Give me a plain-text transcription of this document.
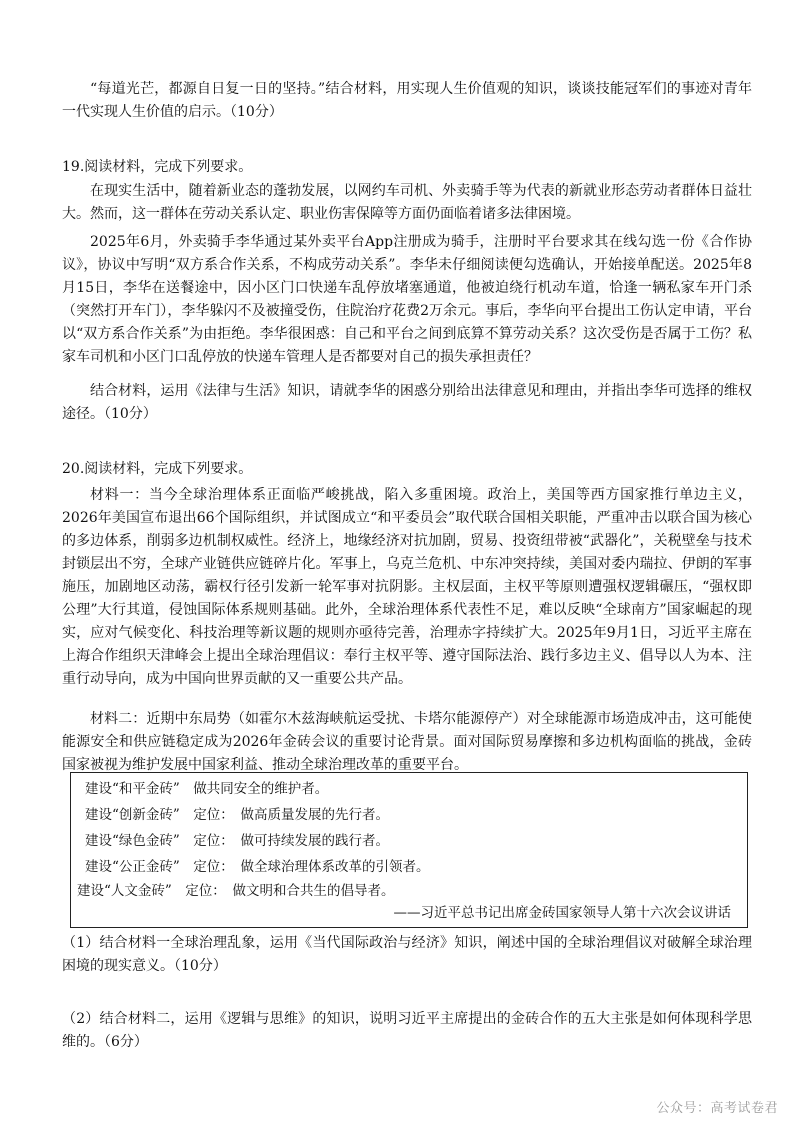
“每道光芒，都源自日复一日的坚持。”结合材料，用实现人生价值观的知识，谈谈技能冠军们的事迹对青年一代实现人生价值的启示。（10分）

19.阅读材料，完成下列要求。

在现实生活中，随着新业态的蓬勃发展，以网约车司机、外卖骑手等为代表的新就业形态劳动者群体日益壮大。然而，这一群体在劳动关系认定、职业伤害保障等方面仍面临着诸多法律困境。

2025年6月，外卖骑手李华通过某外卖平台App注册成为骑手，注册时平台要求其在线勾选一份《合作协议》，协议中写明“双方系合作关系，不构成劳动关系”。李华未仔细阅读便勾选确认，开始接单配送。2025年8月15日，李华在送餐途中，因小区门口快递车乱停放堵塞通道，他被迫绕行机动车道，恰逢一辆私家车开门杀（突然打开车门），李华躲闪不及被撞受伤，住院治疗花费2万余元。事后，李华向平台提出工伤认定申请，平台以“双方系合作关系”为由拒绝。李华很困惑：自己和平台之间到底算不算劳动关系？这次受伤是否属于工伤？私家车司机和小区门口乱停放的快递车管理人是否都要对自己的损失承担责任？

结合材料，运用《法律与生活》知识，请就李华的困惑分别给出法律意见和理由，并指出李华可选择的维权途径。（10分）

20.阅读材料，完成下列要求。

材料一：当今全球治理体系正面临严峻挑战，陷入多重困境。政治上，美国等西方国家推行单边主义，2026年美国宣布退出66个国际组织，并试图成立“和平委员会”取代联合国相关职能，严重冲击以联合国为核心的多边体系，削弱多边机制权威性。经济上，地缘经济对抗加剧，贸易、投资纽带被“武器化”，关税壁垒与技术封锁层出不穷，全球产业链供应链碎片化。军事上，乌克兰危机、中东冲突持续，美国对委内瑞拉、伊朗的军事施压，加剧地区动荡，霸权行径引发新一轮军事对抗阴影。主权层面，主权平等原则遭强权逻辑碾压，“强权即公理”大行其道，侵蚀国际体系规则基础。此外，全球治理体系代表性不足，难以反映“全球南方”国家崛起的现实，应对气候变化、科技治理等新议题的规则亦亟待完善，治理赤字持续扩大。2025年9月1日，习近平主席在上海合作组织天津峰会上提出全球治理倡议：奉行主权平等、遵守国际法治、践行多边主义、倡导以人为本、注重行动导向，成为中国向世界贡献的又一重要公共产品。

材料二：近期中东局势（如霍尔木兹海峡航运受扰、卡塔尔能源停产）对全球能源市场造成冲击，这可能使能源安全和供应链稳定成为2026年金砖会议的重要讨论背景。面对国际贸易摩擦和多边机构面临的挑战，金砖国家被视为维护发展中国家利益、推动全球治理改革的重要平台。

建设“和平金砖”　做共同安全的维护者。
建设“创新金砖”　定位：　做高质量发展的先行者。
建设“绿色金砖”　定位：　做可持续发展的践行者。
建设“公正金砖”　定位：　做全球治理体系改革的引领者。
建设“人文金砖”　定位：　做文明和合共生的倡导者。
——习近平总书记出席金砖国家领导人第十六次会议讲话

（1）结合材料一全球治理乱象，运用《当代国际政治与经济》知识，阐述中国的全球治理倡议对破解全球治理困境的现实意义。（10分）

（2）结合材料二，运用《逻辑与思维》的知识，说明习近平主席提出的金砖合作的五大主张是如何体现科学思维的。（6分）

公众号：高考试卷君
